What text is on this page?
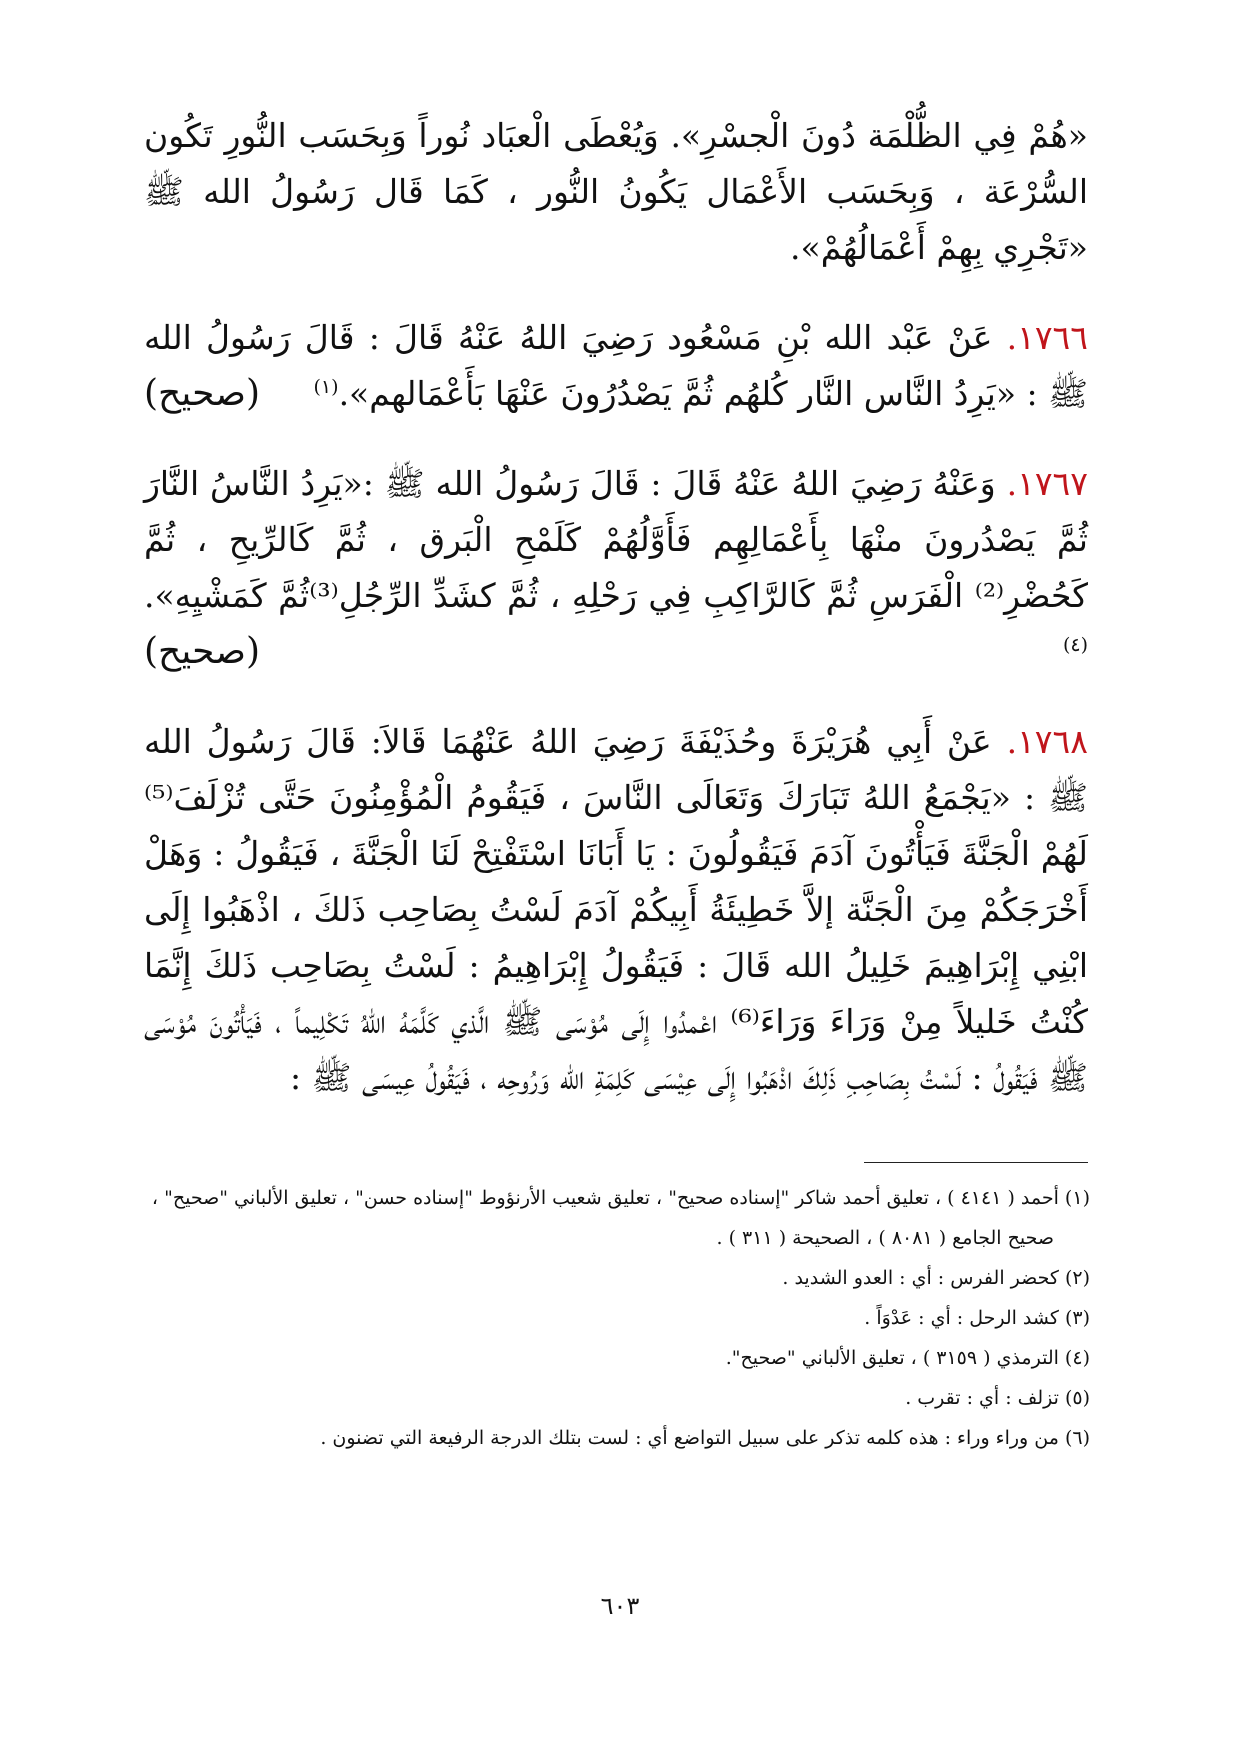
«هُمْ فِي الظُّلْمَة دُونَ الْجسْرِ». وَيُعْطَى الْعبَاد نُوراً وَبِحَسَب النُّورِ تَكُون السُّرْعَة ، وَبِحَسَب الأَعْمَال يَكُونُ النُّور ، كَمَا قَال رَسُولُ الله ﷺ «تَجْرِي بِهِمْ أَعْمَالُهُمْ».

١٧٦٦. عَنْ عَبْد الله بْنِ مَسْعُود رَضِيَ اللهُ عَنْهُ قَالَ : قَالَ رَسُولُ الله ﷺ : «يَرِدُ النَّاس النَّار كُلهُم ثُمَّ يَصْدُرُونَ عَنْهَا بَأَعْمَالهم».$^{(١)}$
(صحيح)

١٧٦٧. وَعَنْهُ رَضِيَ اللهُ عَنْهُ قَالَ : قَالَ رَسُولُ الله ﷺ :«يَرِدُ النَّاسُ النَّارَ ثُمَّ يَصْدُرونَ منْهَا بِأَعْمَالِهِم فَأَوَّلُهُمْ كَلَمْحِ الْبَرق ، ثُمَّ كَالرِّيحِ ، ثُمَّ كَحُضْرِ⁽²⁾ الْفَرَسِ ثُمَّ كَالرَّاكِبِ فِي رَحْلِهِ ، ثُمَّ كشَدِّ الرِّجُلِ⁽³⁾ثُمَّ كَمَشْيِهِ».$^{(٤)}$
(صحيح)

١٧٦٨. عَنْ أَبِي هُرَيْرَةَ وحُذَيْفَةَ رَضِيَ اللهُ عَنْهُمَا قَالاَ: قَالَ رَسُولُ الله ﷺ : «يَجْمَعُ اللهُ تَبَارَكَ وَتَعَالَى النَّاسَ ، فَيَقُومُ الْمُؤْمِنُونَ حَتَّى تُزْلَفَ⁽⁵⁾لَهُمْ الْجَنَّةَ فَيَأْتُونَ آدَمَ فَيَقُولُونَ : يَا أَبَانَا اسْتَفْتِحْ لَنَا الْجَنَّةَ ، فَيَقُولُ : وَهَلْ أَخْرَجَكُمْ مِنَ الْجَنَّة إلاَّ خَطِيئَةُ أَبِيكُمْ آدَمَ لَسْتُ بِصَاحِب ذَلكَ ، اذْهَبُوا إِلَى ابْنِي إِبْرَاهِيمَ خَلِيلُ الله قَالَ : فَيَقُولُ إِبْرَاهِيمُ : لَسْتُ بِصَاحِب ذَلكَ إِنَّمَا كُنْتُ خَليلاً مِنْ وَرَاءَ وَرَاءَ⁽⁶⁾ اعْمدُوا إِلَى مُوْسَى ﷺ الَّذي كَلَّمَهُ اللهُ تَكْلِيماً ، فَيَأْتُونَ مُوْسَى ﷺ فَيَقُولُ : لَسْتُ بِصَاحِبِ ذَلِكَ اذْهَبُوا إِلَى عِيْسَى كَلِمَةِ الله وَرُوحِه ، فَيَقُولُ عِيسَى ﷺ :

(١) أحمد ( ٤١٤١ ) ، تعليق أحمد شاكر "إسناده صحيح" ، تعليق شعيب الأرنؤوط "إسناده حسن" ، تعليق الألباني "صحيح" ،

صحيح الجامع ( ٨٠٨١ ) ، الصحيحة ( ٣١١ ) .

(٢) كحضر الفرس : أي : العدو الشديد .

(٣) كشد الرحل : أي : عَدْوَاً .

(٤) الترمذي ( ٣١٥٩ ) ، تعليق الألباني "صحيح".

(٥) تزلف : أي : تقرب .

(٦) من وراء وراء : هذه كلمه تذكر على سبيل التواضع أي : لست بتلك الدرجة الرفيعة التي تضنون .

٦٠٣
